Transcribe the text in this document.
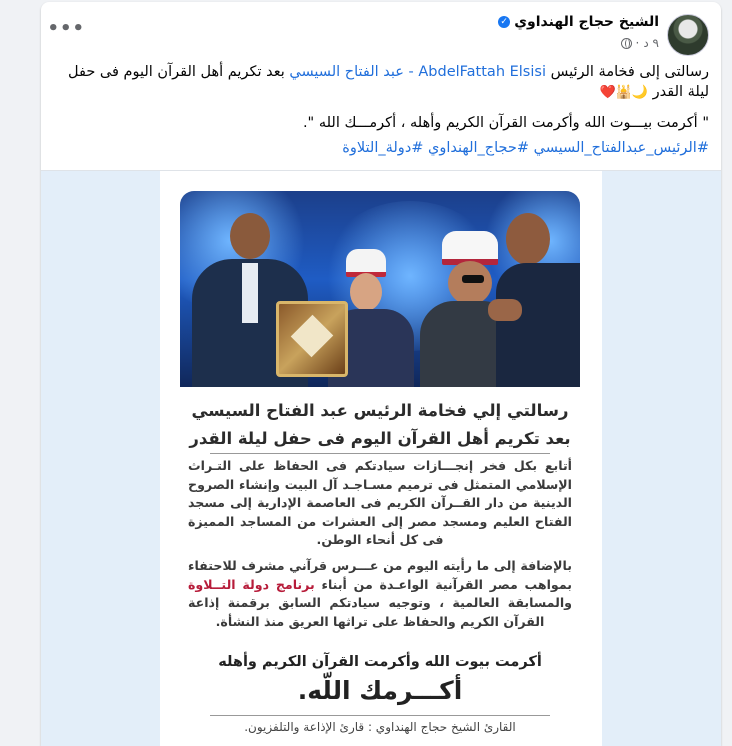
الشيخ حجاج الهنداوي
✓
٩ د
·
•••

رسالتى إلى فخامة الرئيس AbdelFattah Elsisi - عبد الفتاح السيسي بعد تكريم أهل القرآن اليوم فى حفل ليلة القدر 🌙🕌❤️

" أكرمت بيـــوت الله وأكرمت القرآن الكريم وأهله ، أكرمـــك الله ".

#الرئيس_عبدالفتاح_السيسي #حجاج_الهنداوي #دولة_التلاوة

رسالتي إلي فخامة الرئيس عبد الفتاح السيسي
بعد تكريم أهل القرآن اليوم فى حفل ليلة القدر
أتابع بكل فخر إنجـــازات سيادتكم فى الحفاظ على التـراث الإسلامي المتمثل فى ترميم مسـاجـد آل البيت وإنشاء الصروح الدينية من دار القــرآن الكريم فى العاصمة الإدارية إلى مسجد الفتاح العليم ومسجد مصر إلى العشرات من المساجد المميزة فى كل أنحاء الوطن.
بالإضافة إلى ما رأيته اليوم من عـــرس قرآني مشرف للاحتفاء بمواهب مصر القرآنية الواعـدة من أبناء برنامج دولة التــلاوة والمسابقة العالمية ، وتوجيه سيادتكم السابق برقمنة إذاعة القرآن الكريم والحفاظ على تراثها العريق منذ النشأة.
أكرمت بيوت الله وأكرمت القرآن الكريم وأهله
أكـــرمك اللّه.
القارئ الشيخ حجاج الهنداوي : قارئ الإذاعة والتلفزيون.
